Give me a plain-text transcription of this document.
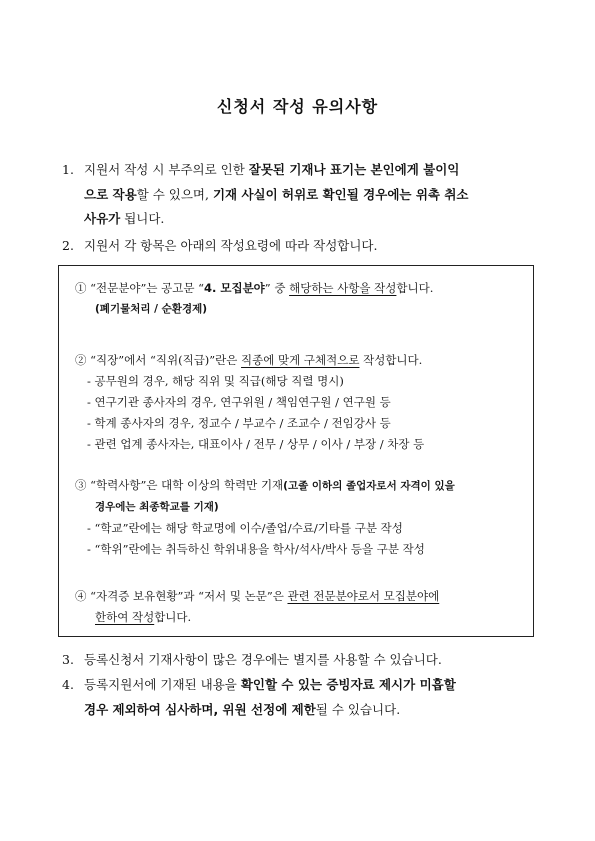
신청서 작성 유의사항
1. 지원서 작성 시 부주의로 인한 잘못된 기재나 표기는 본인에게 불이익
으로 작용할 수 있으며, 기재 사실이 허위로 확인될 경우에는 위촉 취소
사유가 됩니다.
2. 지원서 각 항목은 아래의 작성요령에 따라 작성합니다.
① “전문분야”는 공고문 “4. 모집분야” 중 해당하는 사항을 작성합니다.
(폐기물처리 / 순환경제)
② “직장”에서 “직위(직급)”란은 직종에 맞게 구체적으로 작성합니다.
- 공무원의 경우, 해당 직위 및 직급(해당 직렬 명시)
- 연구기관 종사자의 경우, 연구위원 / 책임연구원 / 연구원 등
- 학계 종사자의 경우, 정교수 / 부교수 / 조교수 / 전임강사 등
- 관련 업계 종사자는, 대표이사 / 전무 / 상무 / 이사 / 부장 / 차장 등
③ “학력사항”은 대학 이상의 학력만 기재(고졸 이하의 졸업자로서 자격이 있을
경우에는 최종학교를 기재)
- “학교”란에는 해당 학교명에 이수/졸업/수료/기타를 구분 작성
- “학위”란에는 취득하신 학위내용을 학사/석사/박사 등을 구분 작성
④ “자격증 보유현황”과 “저서 및 논문”은 관련 전문분야로서 모집분야에
한하여 작성합니다.
3. 등록신청서 기재사항이 많은 경우에는 별지를 사용할 수 있습니다.
4. 등록지원서에 기재된 내용을 확인할 수 있는 증빙자료 제시가 미흡할
경우 제외하여 심사하며, 위원 선정에 제한될 수 있습니다.
